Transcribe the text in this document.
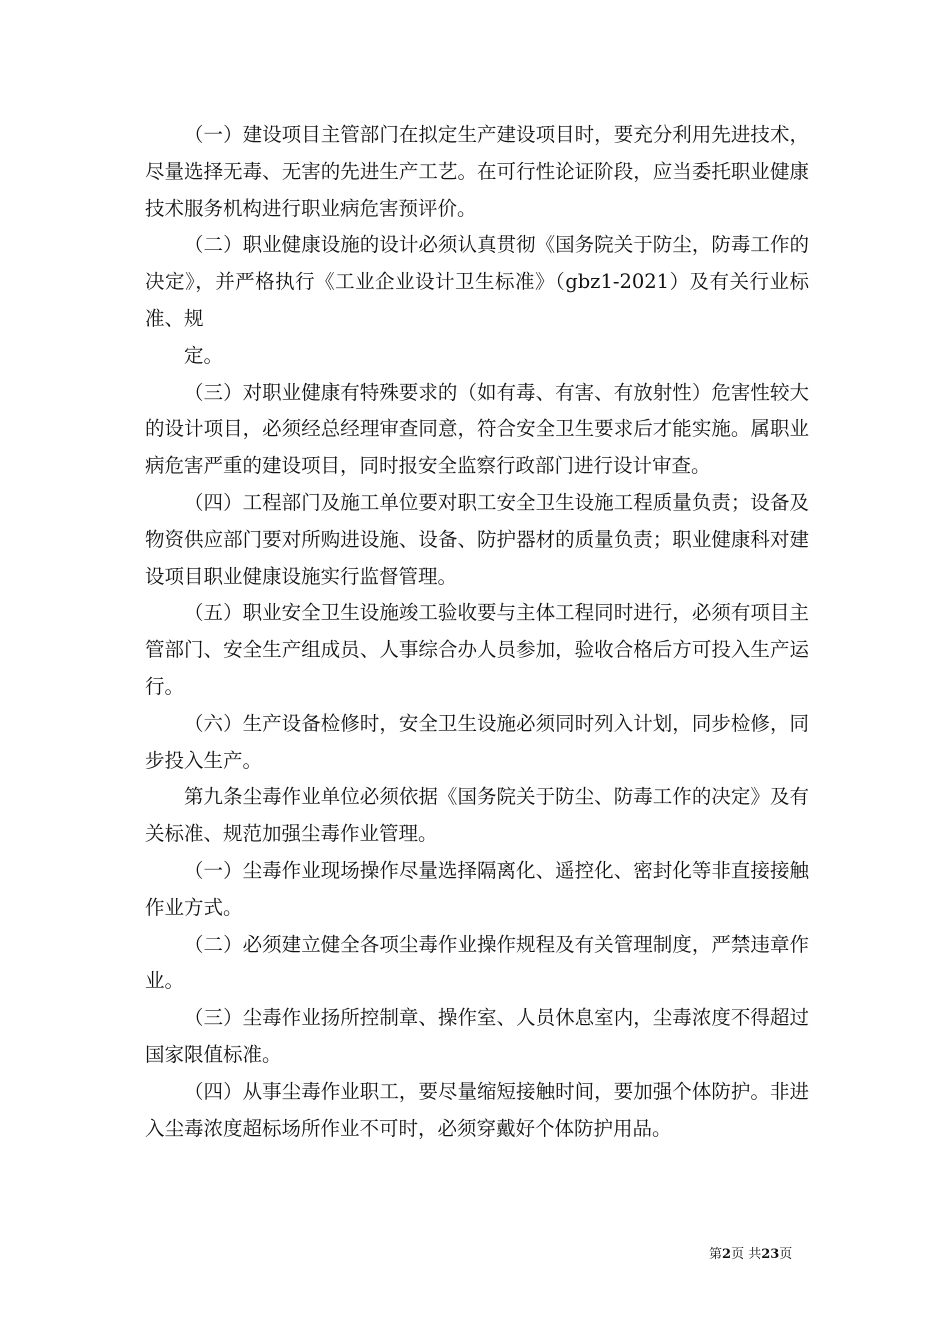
（一）建设项目主管部门在拟定生产建设项目时，要充分利用先进技术，尽量选择无毒、无害的先进生产工艺。在可行性论证阶段，应当委托职业健康技术服务机构进行职业病危害预评价。

（二）职业健康设施的设计必须认真贯彻《国务院关于防尘，防毒工作的决定》，并严格执行《工业企业设计卫生标准》（gbz1-2021）及有关行业标准、规

定。

（三）对职业健康有特殊要求的（如有毒、有害、有放射性）危害性较大的设计项目，必须经总经理审查同意，符合安全卫生要求后才能实施。属职业病危害严重的建设项目，同时报安全监察行政部门进行设计审查。

（四）工程部门及施工单位要对职工安全卫生设施工程质量负责；设备及物资供应部门要对所购进设施、设备、防护器材的质量负责；职业健康科对建设项目职业健康设施实行监督管理。

（五）职业安全卫生设施竣工验收要与主体工程同时进行，必须有项目主管部门、安全生产组成员、人事综合办人员参加，验收合格后方可投入生产运行。

（六）生产设备检修时，安全卫生设施必须同时列入计划，同步检修，同步投入生产。

第九条尘毒作业单位必须依据《国务院关于防尘、防毒工作的决定》及有关标准、规范加强尘毒作业管理。

（一）尘毒作业现场操作尽量选择隔离化、遥控化、密封化等非直接接触作业方式。

（二）必须建立健全各项尘毒作业操作规程及有关管理制度，严禁违章作业。

（三）尘毒作业扬所控制章、操作室、人员休息室内，尘毒浓度不得超过国家限值标准。

（四）从事尘毒作业职工，要尽量缩短接触时间，要加强个体防护。非进入尘毒浓度超标场所作业不可时，必须穿戴好个体防护用品。

第2页 共23页
